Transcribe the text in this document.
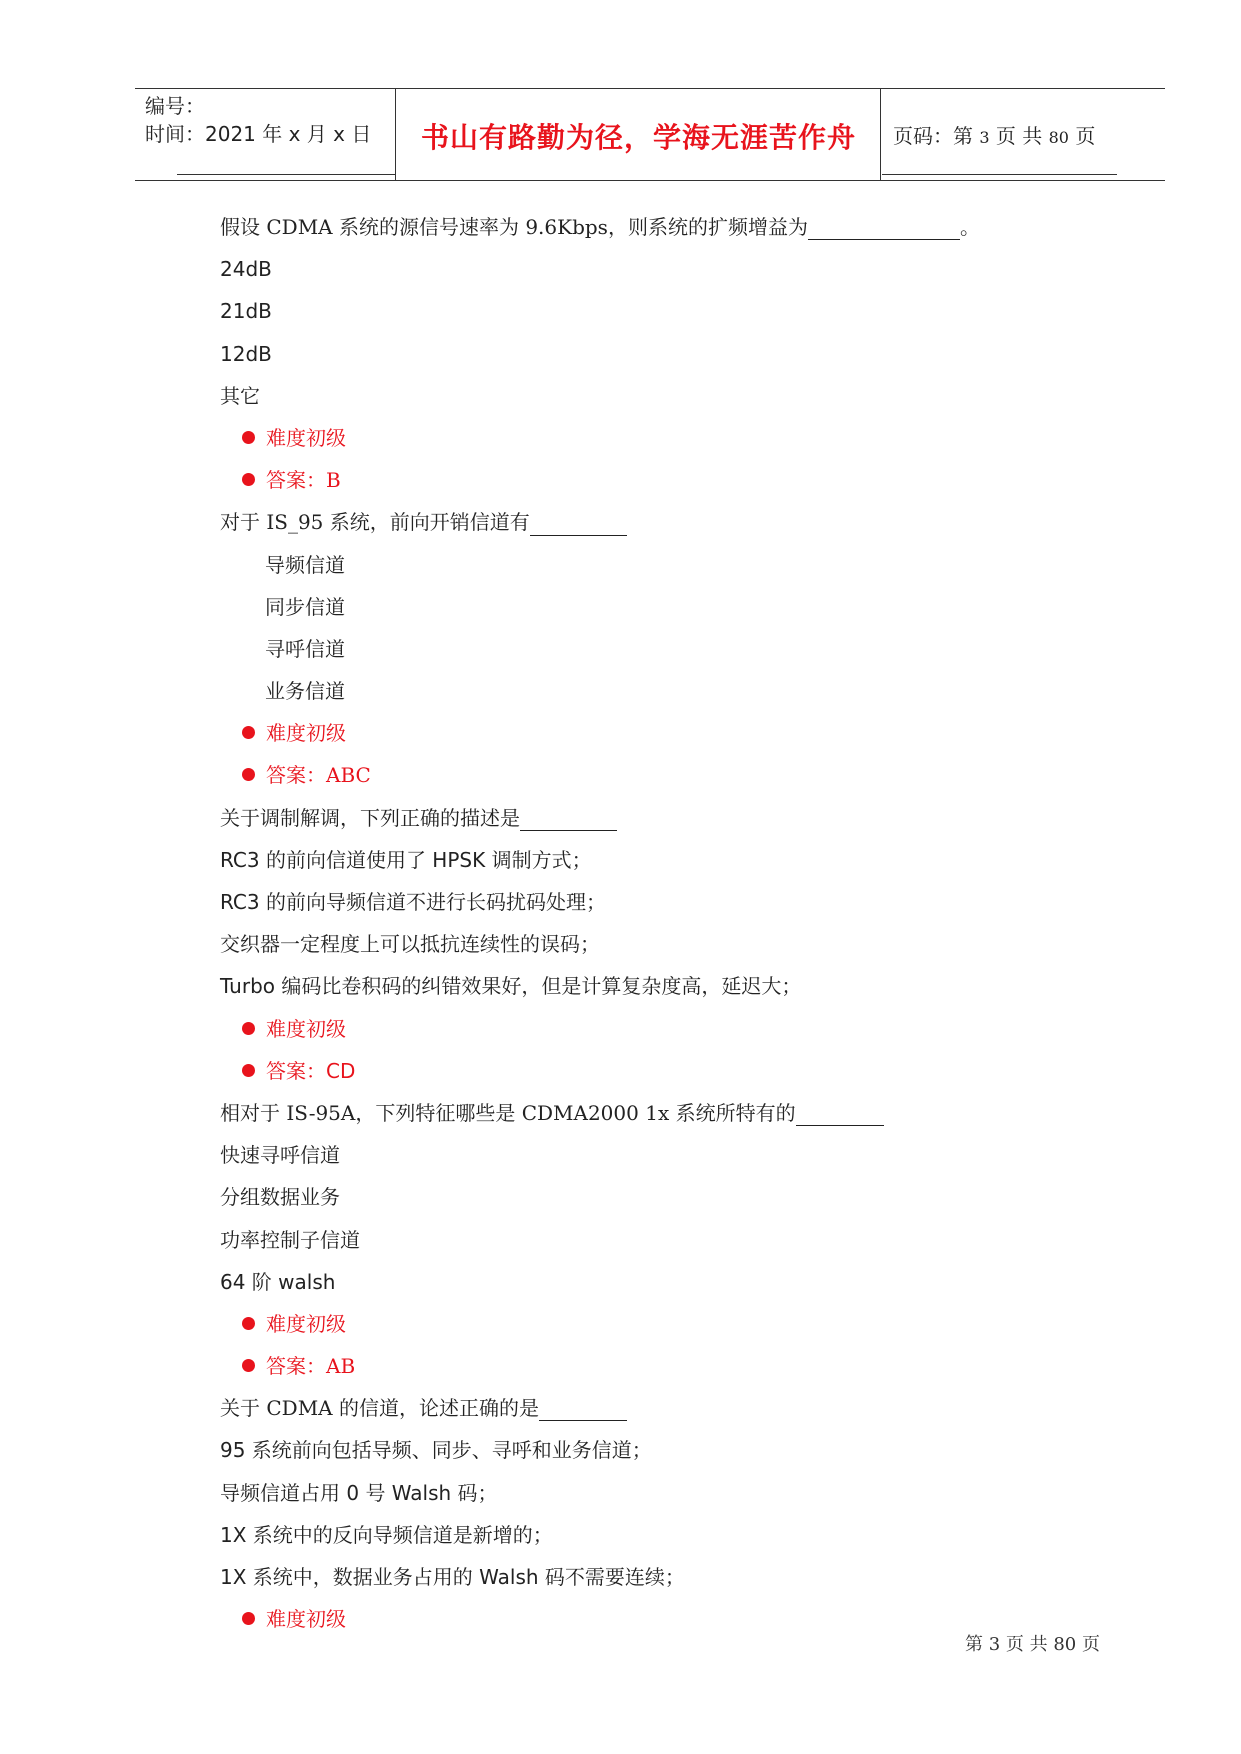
编号：
时间：2021 年 x 月 x 日	书山有路勤为径，学海无涯苦作舟	页码：第 3 页 共 80 页
假设 CDMA 系统的源信号速率为 9.6Kbps，则系统的扩频增益为	。
24dB
21dB
12dB
其它
难度初级
答案：B
对于 IS_95 系统，前向开销信道有
导频信道
同步信道
寻呼信道
业务信道
难度初级
答案：ABC
关于调制解调，下列正确的描述是
RC3 的前向信道使用了 HPSK 调制方式；
RC3 的前向导频信道不进行长码扰码处理；
交织器一定程度上可以抵抗连续性的误码；
Turbo 编码比卷积码的纠错效果好，但是计算复杂度高，延迟大；
难度初级
答案：CD
相对于 IS-95A，下列特征哪些是 CDMA2000 1x 系统所特有的
快速寻呼信道
分组数据业务
功率控制子信道
64 阶 walsh
难度初级
答案：AB
关于 CDMA 的信道，论述正确的是
95 系统前向包括导频、同步、寻呼和业务信道；
导频信道占用 0 号 Walsh 码；
1X 系统中的反向导频信道是新增的；
1X 系统中，数据业务占用的 Walsh 码不需要连续；
难度初级
第 3 页 共 80 页
